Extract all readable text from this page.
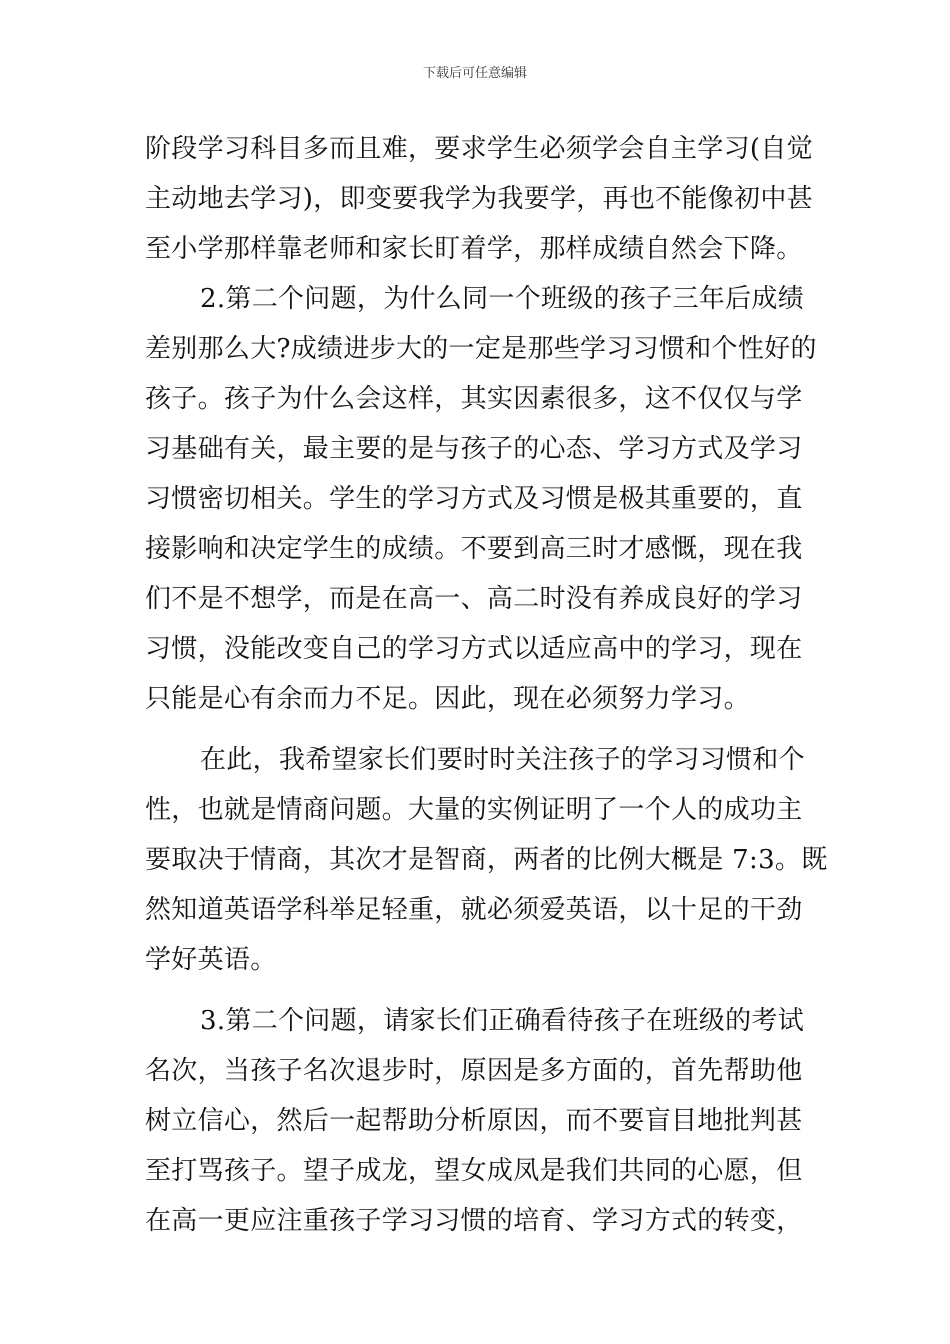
下载后可任意编辑
阶段学习科目多而且难，要求学生必须学会自主学习(自觉
主动地去学习)，即变要我学为我要学，再也不能像初中甚
至小学那样靠老师和家长盯着学，那样成绩自然会下降。
2.第二个问题，为什么同一个班级的孩子三年后成绩
差别那么大?成绩进步大的一定是那些学习习惯和个性好的
孩子。孩子为什么会这样，其实因素很多，这不仅仅与学
习基础有关，最主要的是与孩子的心态、学习方式及学习
习惯密切相关。学生的学习方式及习惯是极其重要的，直
接影响和决定学生的成绩。不要到高三时才感慨，现在我
们不是不想学，而是在高一、高二时没有养成良好的学习
习惯，没能改变自己的学习方式以适应高中的学习，现在
只能是心有余而力不足。因此，现在必须努力学习。
在此，我希望家长们要时时关注孩子的学习习惯和个
性，也就是情商问题。大量的实例证明了一个人的成功主
要取决于情商，其次才是智商，两者的比例大概是 7:3。既
然知道英语学科举足轻重，就必须爱英语，以十足的干劲
学好英语。
3.第二个问题，请家长们正确看待孩子在班级的考试
名次，当孩子名次退步时，原因是多方面的，首先帮助他
树立信心，然后一起帮助分析原因，而不要盲目地批判甚
至打骂孩子。望子成龙，望女成凤是我们共同的心愿，但
在高一更应注重孩子学习习惯的培育、学习方式的转变，
